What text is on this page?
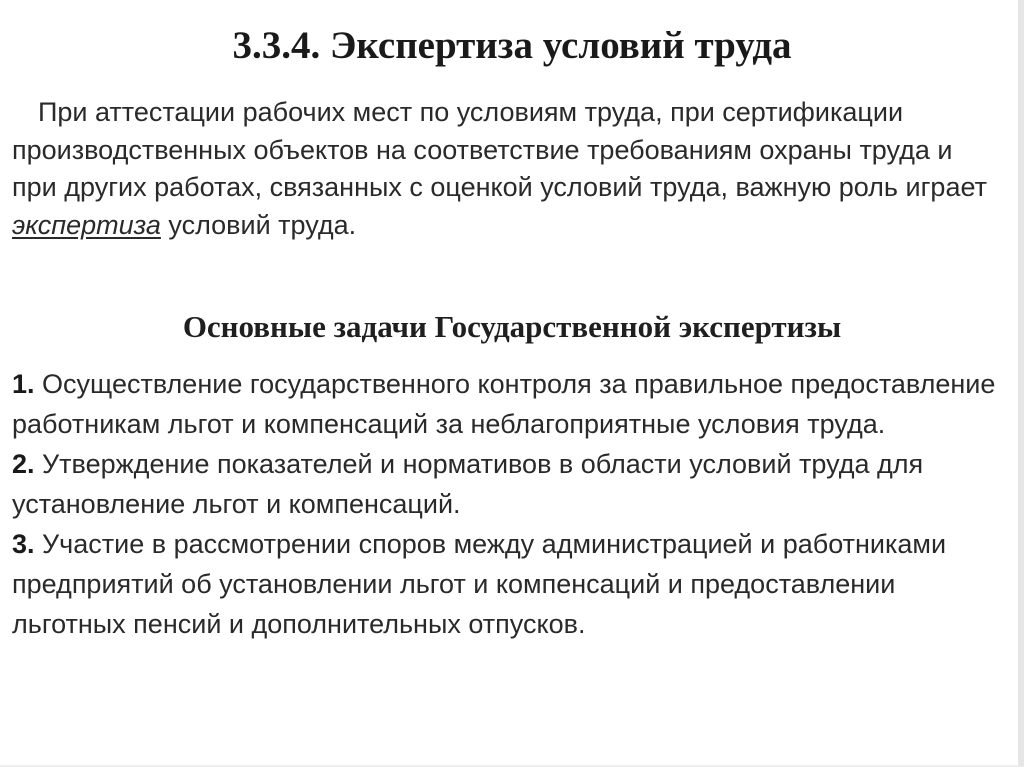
3.3.4. Экспертиза условий труда

При аттестации рабочих мест по условиям труда, при сертификации производственных объектов на соответствие требованиям охраны труда и при других работах, связанных с оценкой условий труда, важную роль играет экспертиза условий труда.

Основные задачи Государственной экспертизы
1. Осуществление государственного контроля за правильное предоставление работникам льгот и компенсаций за неблагоприятные условия труда.
2. Утверждение показателей и нормативов в области условий труда для установление льгот и компенсаций.
3. Участие в рассмотрении споров между администрацией и работниками предприятий об установлении льгот и компенсаций и предоставлении льготных пенсий и дополнительных отпусков.
